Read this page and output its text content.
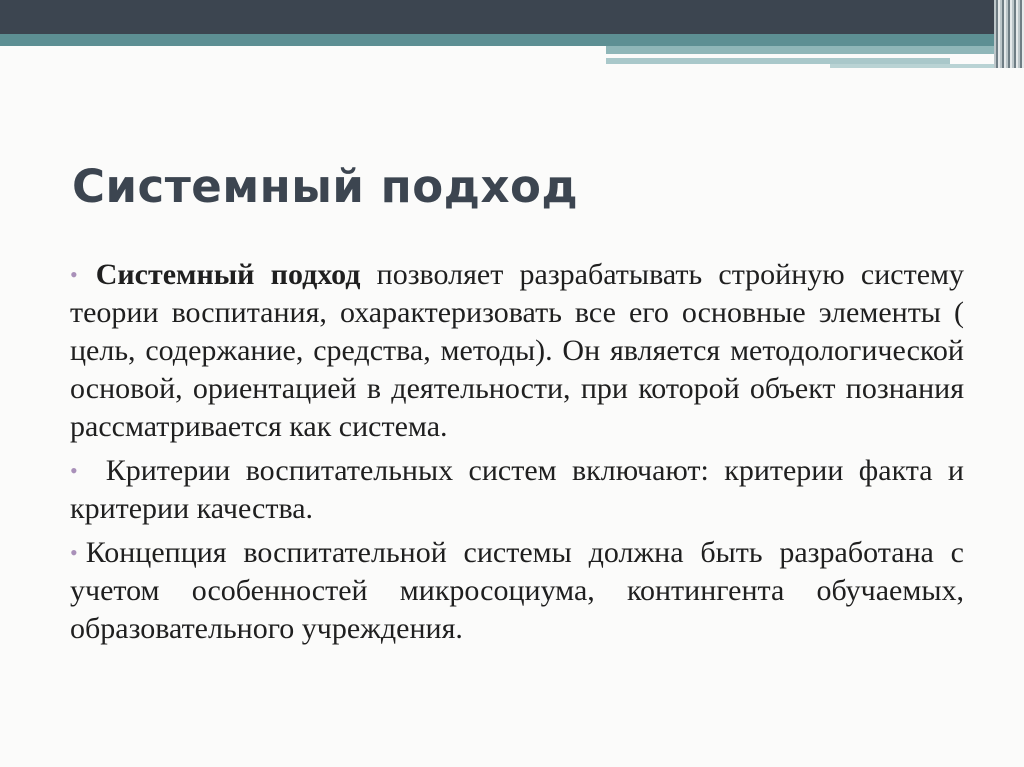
Системный подход
• Системный подход позволяет разрабатывать стройную систему теории воспитания, охарактеризовать все его основные элементы ( цель, содержание, средства, методы). Он является методологической основой, ориентацией в деятельности, при которой объект познания рассматривается как система.
• Критерии воспитательных систем включают: критерии факта и критерии качества.
• Концепция воспитательной системы должна быть разработана с учетом особенностей микросоциума, контингента обучаемых, образовательного учреждения.
